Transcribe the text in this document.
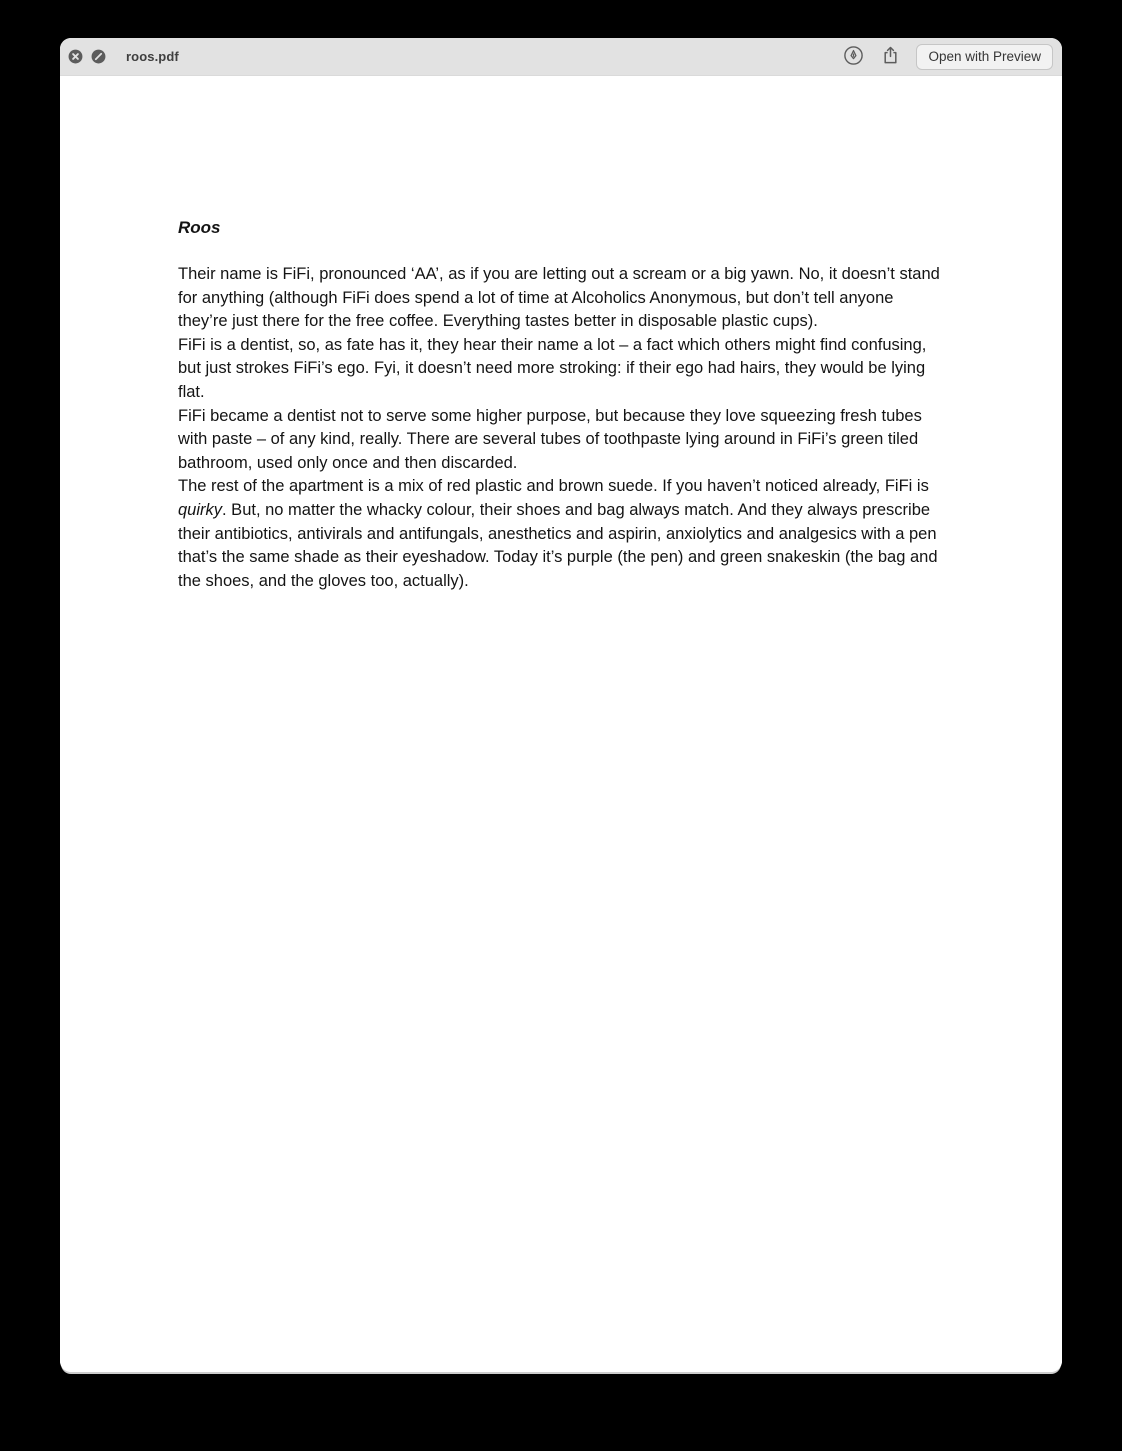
roos.pdf	Open with Preview
Roos

Their name is FiFi, pronounced ‘AA’, as if you are letting out a scream or a big yawn. No, it doesn’t stand for anything (although FiFi does spend a lot of time at Alcoholics Anonymous, but don’t tell anyone they’re just there for the free coffee. Everything tastes better in disposable plastic cups).

FiFi is a dentist, so, as fate has it, they hear their name a lot – a fact which others might find confusing, but just strokes FiFi’s ego. Fyi, it doesn’t need more stroking: if their ego had hairs, they would be lying flat.

FiFi became a dentist not to serve some higher purpose, but because they love squeezing fresh tubes with paste – of any kind, really. There are several tubes of toothpaste lying around in FiFi’s green tiled bathroom, used only once and then discarded.

The rest of the apartment is a mix of red plastic and brown suede. If you haven’t noticed already, FiFi is quirky. But, no matter the whacky colour, their shoes and bag always match. And they always prescribe their antibiotics, antivirals and antifungals, anesthetics and aspirin, anxiolytics and analgesics with a pen that’s the same shade as their eyeshadow. Today it’s purple (the pen) and green snakeskin (the bag and the shoes, and the gloves too, actually).
